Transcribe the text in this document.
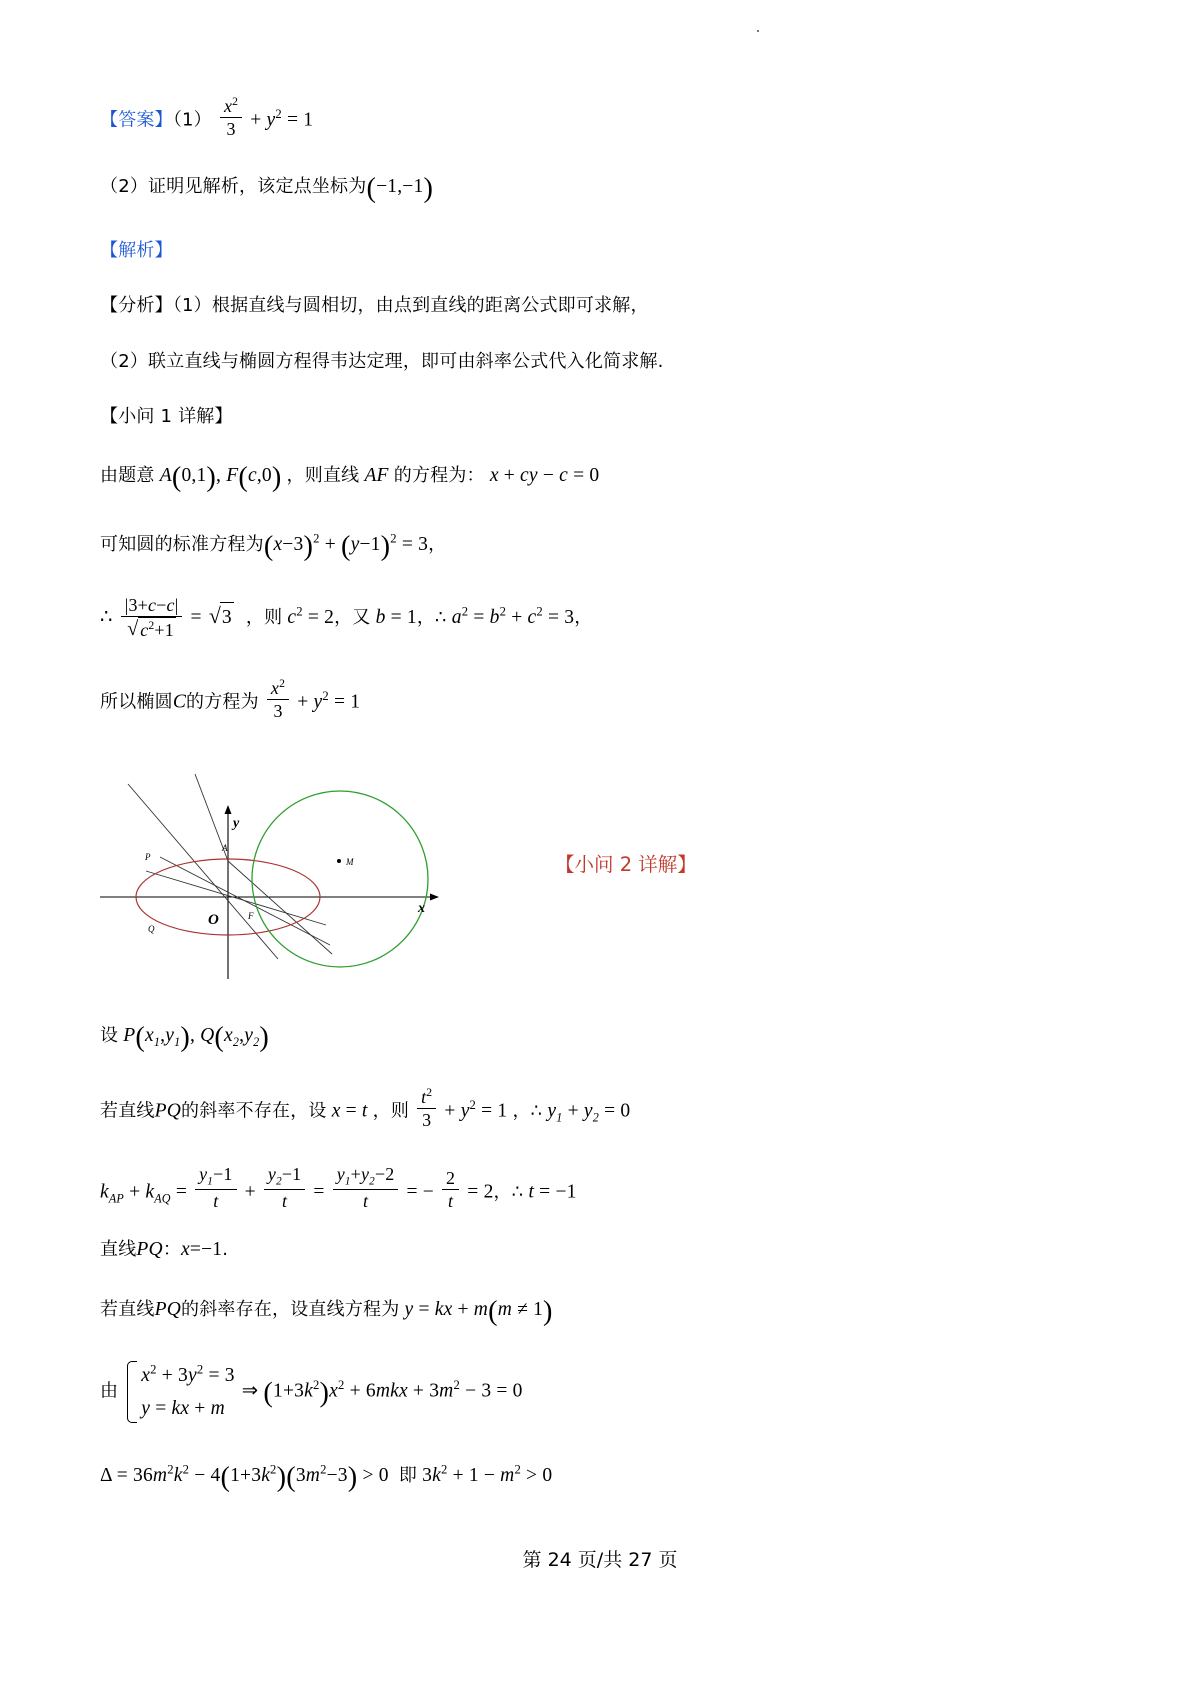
【答案】$(1) \frac{x^2}{3} + y^2 = 1$

（2）证明见解析，该定点坐标为(−1,−1)

【解析】

【分析】（1）根据直线与圆相切，由点到直线的距离公式即可求解，

（2）联立直线与椭圆方程得韦达定理，即可由斜率公式代入化简求解.

【小问 1 详解】

由题意 A(0,1), F(c,0) ，则直线 AF 的方程为： x + cy − c = 0

可知圆的标准方程为$(x-3)^2 + (y-1)^2 = 3$，

∴ | 3+c−c |
√ $c^2+1$ = √ 3 ，则 $c^2 = 2$，又 b = 1，∴ $a^2 = b^2 + c^2 = 3$，

所以椭圆C的方程为 $\frac{x^2}{3} + y^2 = 1$

M
y
x
O
A
P
Q
F
【小问 2 详解】

设 $P(x_1,y_1)$, $Q(x_2,y_2)$

若直线PQ的斜率不存在，设 x = t ，则 $\frac{t^2}{3} + y^2 = 1$ ，∴ $y_1 + y_2 = 0$

$k_{AP} + k_{AQ} = \frac{y_1-1}{t} + \frac{y_2-1}{t} = \frac{y_1+y_2-2}{t}$ = − $\frac{2}{t} = 2$，∴ t = −1

直线PQ：x=−1.

若直线PQ的斜率存在，设直线方程为 y = kx + m(m ≠ 1)

由
$x^2 + 3y^2 = 3$
y = kx + m
⇒ $(1+3k^2)x^2 + 6mkx + 3m^2 - 3 = 0$

$\Delta = 36m^2k^2 - 4(1+3k^2)(3m^2-3) > 0$ 即 $3k^2 + 1 - m^2 > 0$

第 24 页/共 27 页
